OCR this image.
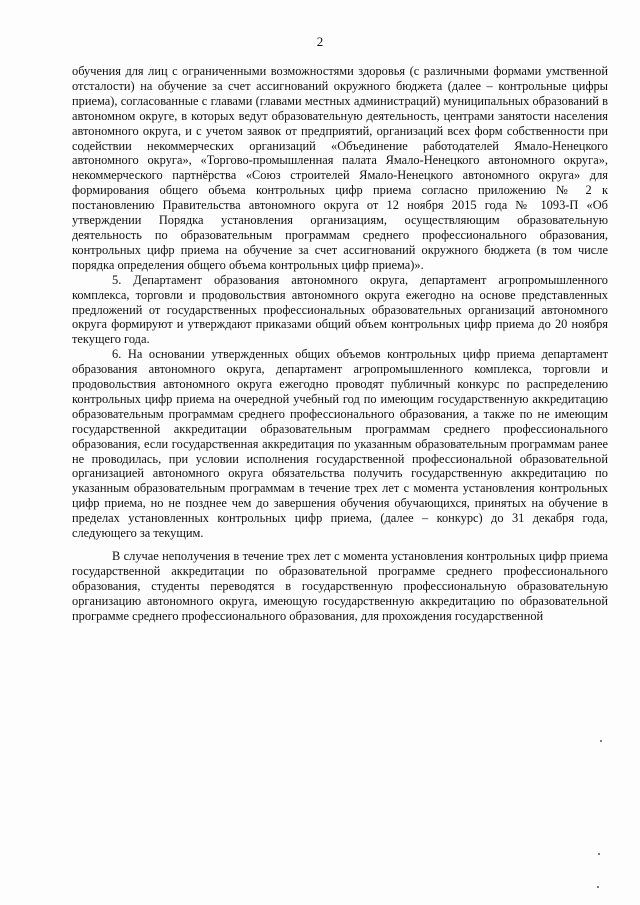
2

обучения для лиц с ограниченными возможностями здоровья (с различными формами умственной отсталости) на обучение за счет ассигнований окружного бюджета (далее – контрольные цифры приема), согласованные с главами (главами местных администраций) муниципальных образований в автономном округе, в которых ведут образовательную деятельность, центрами занятости населения автономного округа, и с учетом заявок от предприятий, организаций всех форм собственности при содействии некоммерческих организаций «Объединение работодателей Ямало-Ненецкого автономного округа», «Торгово-промышленная палата Ямало-Ненецкого автономного округа», некоммерческого партнёрства «Союз строителей Ямало-Ненецкого автономного округа» для формирования общего объема контрольных цифр приема согласно приложению № 2 к постановлению Правительства автономного округа от 12 ноября 2015 года № 1093-П «Об утверждении Порядка установления организациям, осуществляющим образовательную деятельность по образовательным программам среднего профессионального образования, контрольных цифр приема на обучение за счет ассигнований окружного бюджета (в том числе порядка определения общего объема контрольных цифр приема)».

5. Департамент образования автономного округа, департамент агропромышленного комплекса, торговли и продовольствия автономного округа ежегодно на основе представленных предложений от государственных профессиональных образовательных организаций автономного округа формируют и утверждают приказами общий объем контрольных цифр приема до 20 ноября текущего года.

6. На основании утвержденных общих объемов контрольных цифр приема департамент образования автономного округа, департамент агропромышленного комплекса, торговли и продовольствия автономного округа ежегодно проводят публичный конкурс по распределению контрольных цифр приема на очередной учебный год по имеющим государственную аккредитацию образовательным программам среднего профессионального образования, а также по не имеющим государственной аккредитации образовательным программам среднего профессионального образования, если государственная аккредитация по указанным образовательным программам ранее не проводилась, при условии исполнения государственной профессиональной образовательной организацией автономного округа обязательства получить государственную аккредитацию по указанным образовательным программам в течение трех лет с момента установления контрольных цифр приема, но не позднее чем до завершения обучения обучающихся, принятых на обучение в пределах установленных контрольных цифр приема, (далее – конкурс) до 31 декабря года, следующего за текущим.

В случае неполучения в течение трех лет с момента установления контрольных цифр приема государственной аккредитации по образовательной программе среднего профессионального образования, студенты переводятся в государственную профессиональную образовательную организацию автономного округа, имеющую государственную аккредитацию по образовательной программе среднего профессионального образования, для прохождения государственной
